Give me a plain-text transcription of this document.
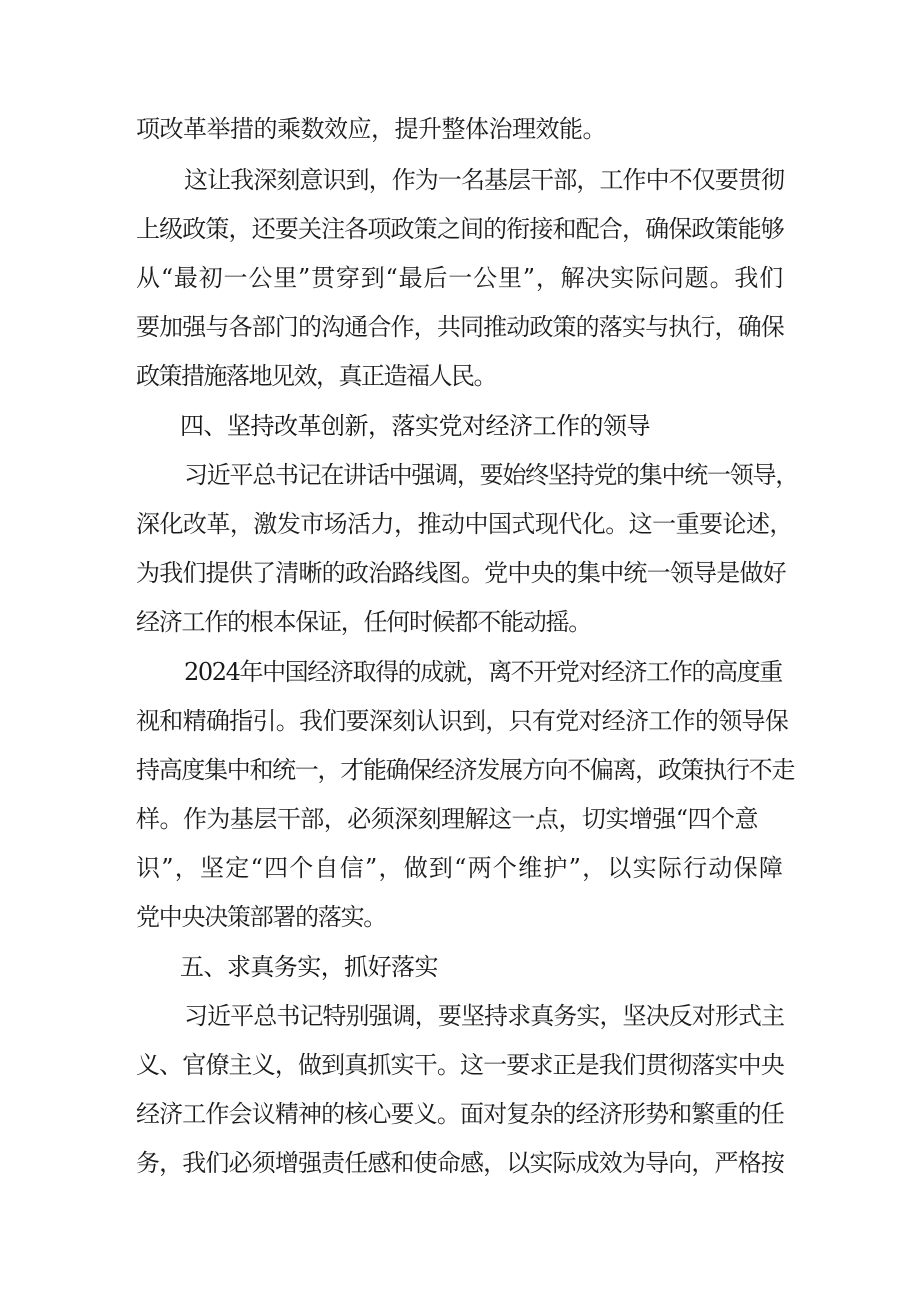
项改革举措的乘数效应，提升整体治理效能。
这让我深刻意识到，作为一名基层干部，工作中不仅要贯彻
上级政策，还要关注各项政策之间的衔接和配合，确保政策能够
从“最初一公里”贯穿到“最后一公里”，解决实际问题。我们
要加强与各部门的沟通合作，共同推动政策的落实与执行，确保
政策措施落地见效，真正造福人民。
四、坚持改革创新，落实党对经济工作的领导
习近平总书记在讲话中强调，要始终坚持党的集中统一领导，
深化改革，激发市场活力，推动中国式现代化。这一重要论述，
为我们提供了清晰的政治路线图。党中央的集中统一领导是做好
经济工作的根本保证，任何时候都不能动摇。
2024年中国经济取得的成就，离不开党对经济工作的高度重
视和精确指引。我们要深刻认识到，只有党对经济工作的领导保
持高度集中和统一，才能确保经济发展方向不偏离，政策执行不走
样。作为基层干部，必须深刻理解这一点，切实增强“四个意
识”，坚定“四个自信”，做到“两个维护”，以实际行动保障
党中央决策部署的落实。
五、求真务实，抓好落实
习近平总书记特别强调，要坚持求真务实，坚决反对形式主
义、官僚主义，做到真抓实干。这一要求正是我们贯彻落实中央
经济工作会议精神的核心要义。面对复杂的经济形势和繁重的任
务，我们必须增强责任感和使命感，以实际成效为导向，严格按
